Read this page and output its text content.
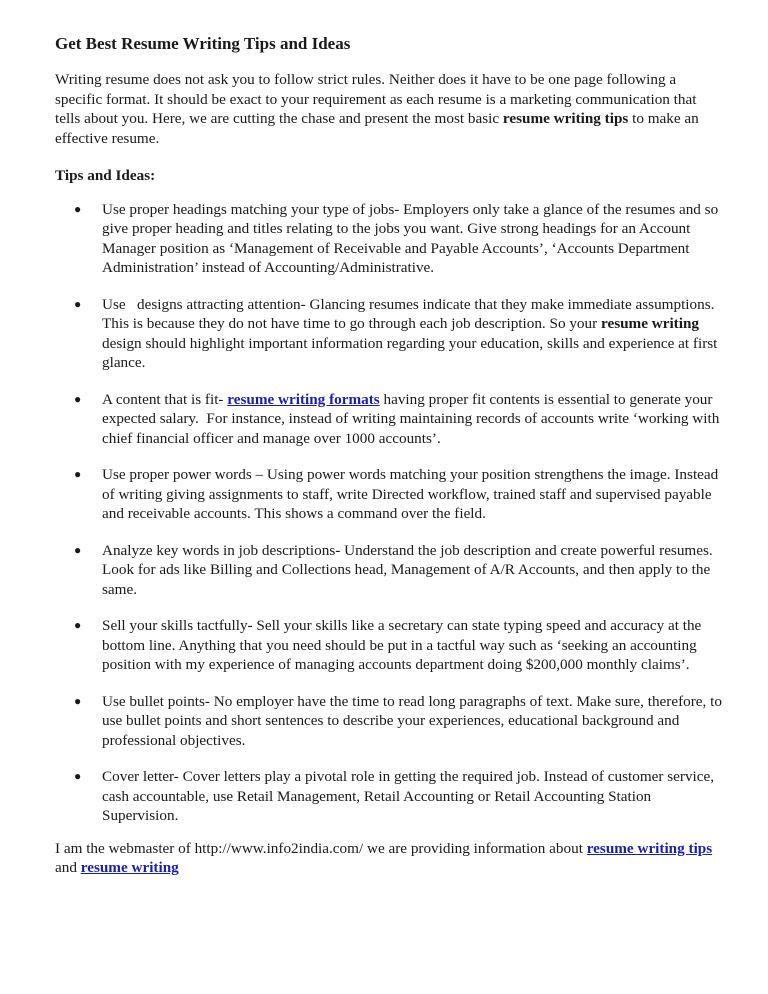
Get Best Resume Writing Tips and Ideas

Writing resume does not ask you to follow strict rules. Neither does it have to be one page following a specific format. It should be exact to your requirement as each resume is a marketing communication that tells about you. Here, we are cutting the chase and present the most basic resume writing tips to make an effective resume.

Tips and Ideas:
● Use proper headings matching your type of jobs- Employers only take a glance of the resumes and so give proper heading and titles relating to the jobs you want. Give strong headings for an Account Manager position as ‘Management of Receivable and Payable Accounts’, ‘Accounts Department Administration’ instead of Accounting/Administrative.
● Use   designs attracting attention- Glancing resumes indicate that they make immediate assumptions. This is because they do not have time to go through each job description. So your resume writing design should highlight important information regarding your education, skills and experience at first glance.
● A content that is fit- resume writing formats having proper fit contents is essential to generate your expected salary.  For instance, instead of writing maintaining records of accounts write ‘working with chief financial officer and manage over 1000 accounts’.
● Use proper power words – Using power words matching your position strengthens the image. Instead of writing giving assignments to staff, write Directed workflow, trained staff and supervised payable and receivable accounts. This shows a command over the field.
● Analyze key words in job descriptions- Understand the job description and create powerful resumes. Look for ads like Billing and Collections head, Management of A/R Accounts, and then apply to the same.
● Sell your skills tactfully- Sell your skills like a secretary can state typing speed and accuracy at the bottom line. Anything that you need should be put in a tactful way such as ‘seeking an accounting position with my experience of managing accounts department doing $200,000 monthly claims’.
● Use bullet points- No employer have the time to read long paragraphs of text. Make sure, therefore, to use bullet points and short sentences to describe your experiences, educational background and professional objectives.
● Cover letter- Cover letters play a pivotal role in getting the required job. Instead of customer service, cash accountable, use Retail Management, Retail Accounting or Retail Accounting Station Supervision.

I am the webmaster of http://www.info2india.com/ we are providing information about resume writing tips and resume writing
